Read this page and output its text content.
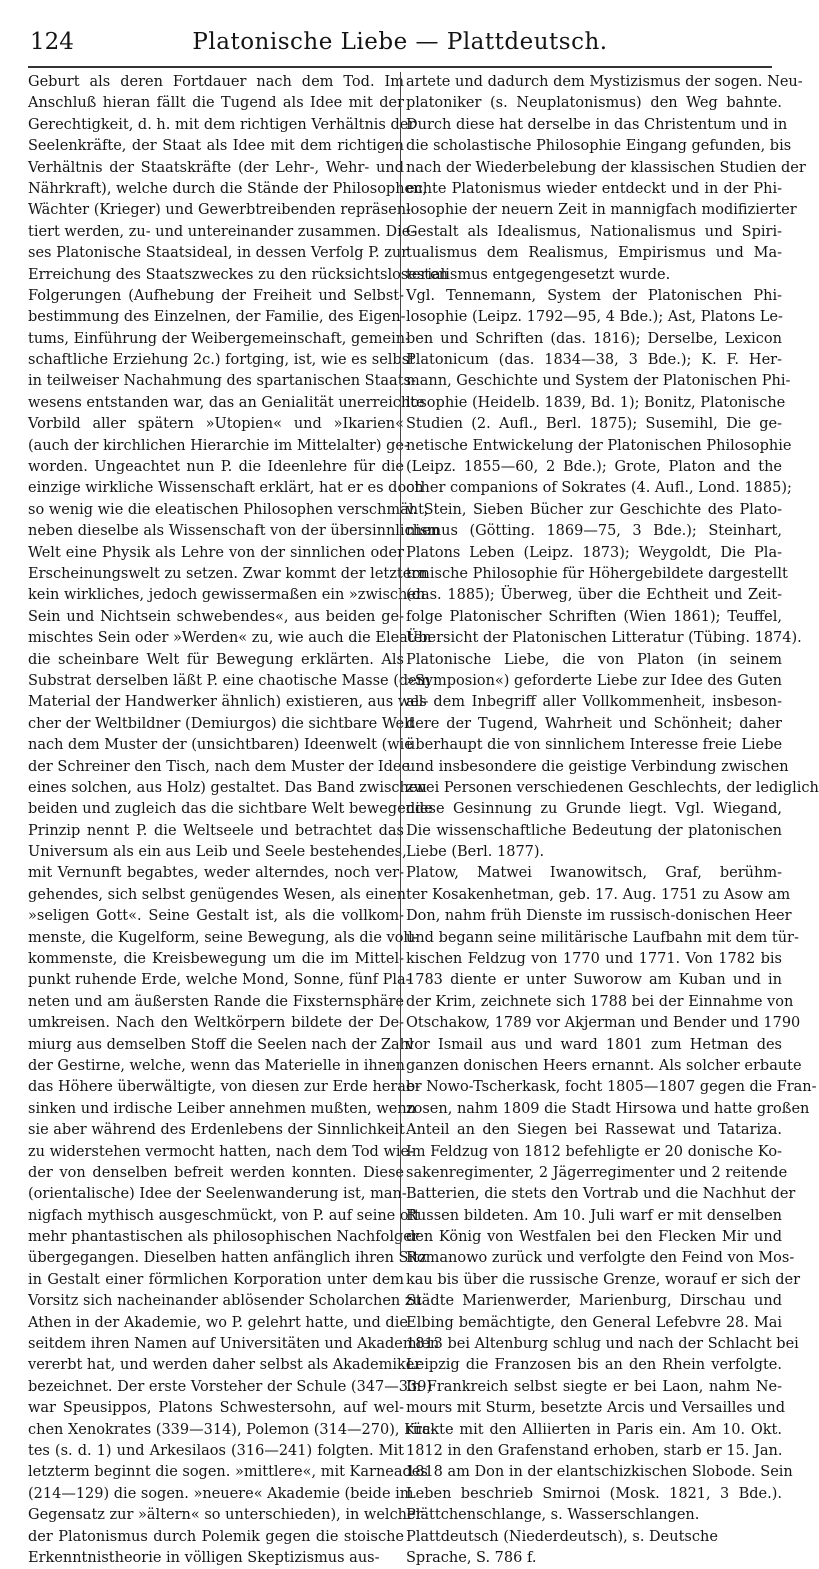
124	Platonische Liebe — Plattdeutsch.
Geburt als deren Fortdauer nach dem Tod. Im
Anschluß hieran fällt die Tugend als Idee mit der
Gerechtigkeit, d. h. mit dem richtigen Verhältnis der
Seelenkräfte, der Staat als Idee mit dem richtigen
Verhältnis der Staatskräfte (der Lehr-, Wehr- und
Nährkraft), welche durch die Stände der Philosophen,
Wächter (Krieger) und Gewerbtreibenden repräsen-
tiert werden, zu- und untereinander zusammen. Die-
ses Platonische Staatsideal, in dessen Verfolg P. zur
Erreichung des Staatszweckes zu den rücksichtslosesten
Folgerungen (Aufhebung der Freiheit und Selbst-
bestimmung des Einzelnen, der Familie, des Eigen-
tums, Einführung der Weibergemeinschaft, gemein-
schaftliche Erziehung 2c.) fortging, ist, wie es selbst
in teilweiser Nachahmung des spartanischen Staats-
wesens entstanden war, das an Genialität unerreichte
Vorbild aller spätern »Utopien« und »Ikarien«
(auch der kirchlichen Hierarchie im Mittelalter) ge-
worden. Ungeachtet nun P. die Ideenlehre für die
einzige wirkliche Wissenschaft erklärt, hat er es doch
so wenig wie die eleatischen Philosophen verschmäht,
neben dieselbe als Wissenschaft von der übersinnlichen
Welt eine Physik als Lehre von der sinnlichen oder
Erscheinungswelt zu setzen. Zwar kommt der letztern
kein wirkliches, jedoch gewissermaßen ein »zwischen
Sein und Nichtsein schwebendes«, aus beiden ge-
mischtes Sein oder »Werden« zu, wie auch die Eleaten
die scheinbare Welt für Bewegung erklärten. Als
Substrat derselben läßt P. eine chaotische Masse (dem
Material der Handwerker ähnlich) existieren, aus wel-
cher der Weltbildner (Demiurgos) die sichtbare Welt
nach dem Muster der (unsichtbaren) Ideenwelt (wie
der Schreiner den Tisch, nach dem Muster der Idee
eines solchen, aus Holz) gestaltet. Das Band zwischen
beiden und zugleich das die sichtbare Welt bewegende
Prinzip nennt P. die Weltseele und betrachtet das
Universum als ein aus Leib und Seele bestehendes,
mit Vernunft begabtes, weder alterndes, noch ver-
gehendes, sich selbst genügendes Wesen, als einen
»seligen Gott«. Seine Gestalt ist, als die vollkom-
menste, die Kugelform, seine Bewegung, als die voll-
kommenste, die Kreisbewegung um die im Mittel-
punkt ruhende Erde, welche Mond, Sonne, fünf Pla-
neten und am äußersten Rande die Fixsternsphäre
umkreisen. Nach den Weltkörpern bildete der De-
miurg aus demselben Stoff die Seelen nach der Zahl
der Gestirne, welche, wenn das Materielle in ihnen
das Höhere überwältigte, von diesen zur Erde herab-
sinken und irdische Leiber annehmen mußten, wenn
sie aber während des Erdenlebens der Sinnlichkeit
zu widerstehen vermocht hatten, nach dem Tod wie-
der von denselben befreit werden konnten. Diese
(orientalische) Idee der Seelenwanderung ist, man-
nigfach mythisch ausgeschmückt, von P. auf seine oft
mehr phantastischen als philosophischen Nachfolger
übergegangen. Dieselben hatten anfänglich ihren Sitz
in Gestalt einer förmlichen Korporation unter dem
Vorsitz sich nacheinander ablösender Scholarchen zu
Athen in der Akademie, wo P. gelehrt hatte, und die
seitdem ihren Namen auf Universitäten und Akademien
vererbt hat, und werden daher selbst als Akademiker
bezeichnet. Der erste Vorsteher der Schule (347—339)
war Speusippos, Platons Schwestersohn, auf wel-
chen Xenokrates (339—314), Polemon (314—270), Kra-
tes (s. d. 1) und Arkesilaos (316—241) folgten. Mit
letzterm beginnt die sogen. »mittlere«, mit Karneades
(214—129) die sogen. »neuere« Akademie (beide im
Gegensatz zur »ältern« so unterschieden), in welcher
der Platonismus durch Polemik gegen die stoische
Erkenntnistheorie in völligen Skeptizismus aus-
artete und dadurch dem Mystizismus der sogen. Neu-
platoniker (s. Neuplatonismus) den Weg bahnte.
Durch diese hat derselbe in das Christentum und in
die scholastische Philosophie Eingang gefunden, bis
nach der Wiederbelebung der klassischen Studien der
echte Platonismus wieder entdeckt und in der Phi-
losophie der neuern Zeit in mannigfach modifizierter
Gestalt als Idealismus, Nationalismus und Spiri-
tualismus dem Realismus, Empirismus und Ma-
terialismus entgegengesetzt wurde.
Vgl. Tennemann, System der Platonischen Phi-
losophie (Leipz. 1792—95, 4 Bde.); Ast, Platons Le-
ben und Schriften (das. 1816); Derselbe, Lexicon
Platonicum (das. 1834—38, 3 Bde.); K. F. Her-
mann, Geschichte und System der Platonischen Phi-
losophie (Heidelb. 1839, Bd. 1); Bonitz, Platonische
Studien (2. Aufl., Berl. 1875); Susemihl, Die ge-
netische Entwickelung der Platonischen Philosophie
(Leipz. 1855—60, 2 Bde.); Grote, Platon and the
other companions of Sokrates (4. Aufl., Lond. 1885);
v. Stein, Sieben Bücher zur Geschichte des Plato-
nismus (Götting. 1869—75, 3 Bde.); Steinhart,
Platons Leben (Leipz. 1873); Weygoldt, Die Pla-
tonische Philosophie für Höhergebildete dargestellt
(das. 1885); Überweg, über die Echtheit und Zeit-
folge Platonischer Schriften (Wien 1861); Teuffel,
Übersicht der Platonischen Litteratur (Tübing. 1874).
Platonische Liebe, die von Platon (in seinem
»Symposion«) geforderte Liebe zur Idee des Guten
als dem Inbegriff aller Vollkommenheit, insbeson-
dere der Tugend, Wahrheit und Schönheit; daher
überhaupt die von sinnlichem Interesse freie Liebe
und insbesondere die geistige Verbindung zwischen
zwei Personen verschiedenen Geschlechts, der lediglich
diese Gesinnung zu Grunde liegt. Vgl. Wiegand,
Die wissenschaftliche Bedeutung der platonischen
Liebe (Berl. 1877).
Platow, Matwei Iwanowitsch, Graf, berühm-
ter Kosakenhetman, geb. 17. Aug. 1751 zu Asow am
Don, nahm früh Dienste im russisch-donischen Heer
und begann seine militärische Laufbahn mit dem tür-
kischen Feldzug von 1770 und 1771. Von 1782 bis
1783 diente er unter Suworow am Kuban und in
der Krim, zeichnete sich 1788 bei der Einnahme von
Otschakow, 1789 vor Akjerman und Bender und 1790
vor Ismail aus und ward 1801 zum Hetman des
ganzen donischen Heers ernannt. Als solcher erbaute
er Nowo-Tscherkask, focht 1805—1807 gegen die Fran-
zosen, nahm 1809 die Stadt Hirsowa und hatte großen
Anteil an den Siegen bei Rassewat und Tatariza.
Im Feldzug von 1812 befehligte er 20 donische Ko-
sakenregimenter, 2 Jägerregimenter und 2 reitende
Batterien, die stets den Vortrab und die Nachhut der
Russen bildeten. Am 10. Juli warf er mit denselben
den König von Westfalen bei den Flecken Mir und
Romanowo zurück und verfolgte den Feind von Mos-
kau bis über die russische Grenze, worauf er sich der
Städte Marienwerder, Marienburg, Dirschau und
Elbing bemächtigte, den General Lefebvre 28. Mai
1813 bei Altenburg schlug und nach der Schlacht bei
Leipzig die Franzosen bis an den Rhein verfolgte.
In Frankreich selbst siegte er bei Laon, nahm Ne-
mours mit Sturm, besetzte Arcis und Versailles und
rückte mit den Alliierten in Paris ein. Am 10. Okt.
1812 in den Grafenstand erhoben, starb er 15. Jan.
1818 am Don in der elantschizkischen Slobode. Sein
Leben beschrieb Smirnoi (Mosk. 1821, 3 Bde.).
Plättchenschlange, s. Wasserschlangen.
Plattdeutsch (Niederdeutsch), s. Deutsche
Sprache, S. 786 f.
